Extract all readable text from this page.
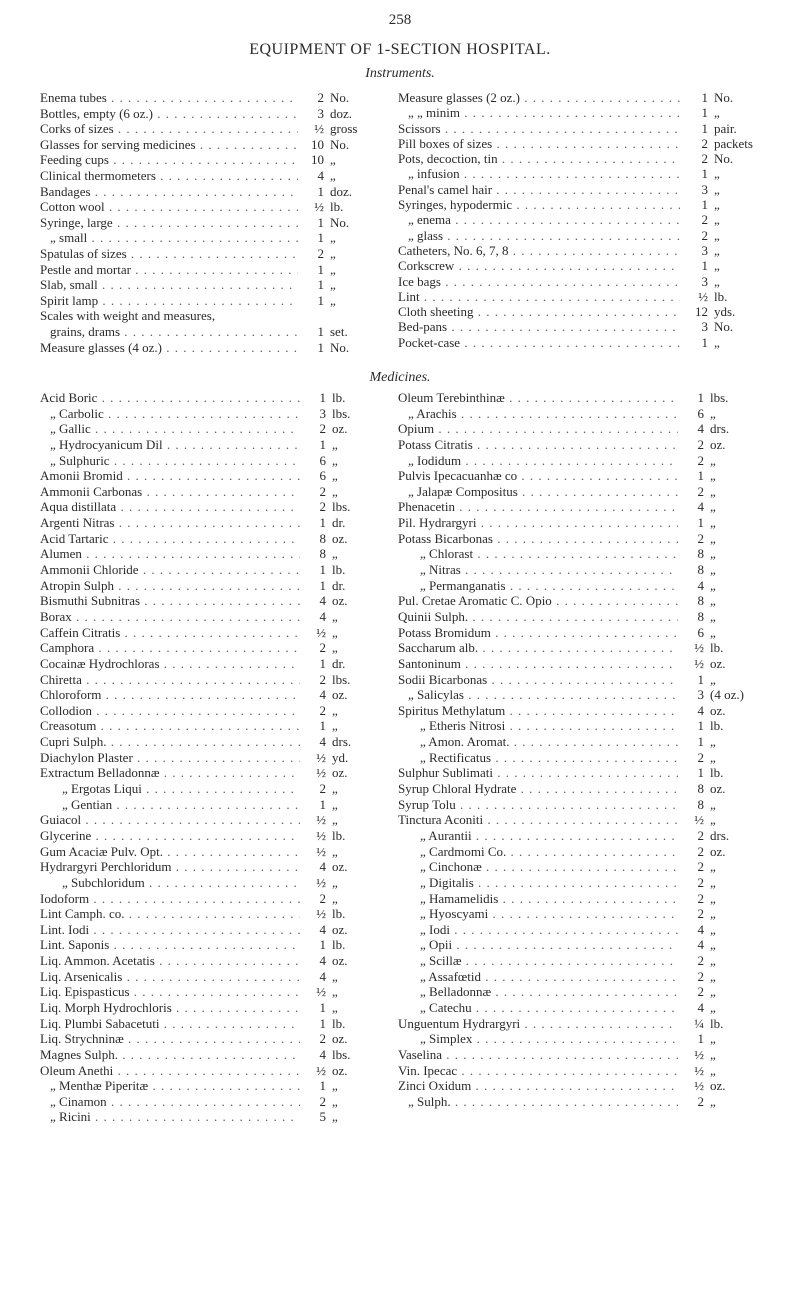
258
EQUIPMENT OF 1-SECTION HOSPITAL.
Instruments.
Enema tubes . . .	2 No.
Bottles, empty (6 oz.) . . .	3 doz.
Corks of sizes . . .	½ gross
Glasses for serving medicines . . .	10 No.
Feeding cups . . .	10 „
Clinical thermometers . . .	4 „
Bandages . . .	1 doz.
Cotton wool . . .	½ lb.
Syringe, large . . .	1 No.
„ small . . .	1 „
Spatulas of sizes . . .	2 „
Pestle and mortar . . .	1 „
Slab, small . . .	1 „
Spirit lamp . . .	1 „
Scales with weight and measures,
grains, drams . . .	1 set.
Measure glasses (4 oz.) . . .	1 No.
Measure glasses (2 oz.) . . .	1 No.
„ „ minim . . .	1 „
Scissors . . .	1 pair.
Pill boxes of sizes . . .	2 packets
Pots, decoction, tin . . .	2 No.
„ infusion . . .	1 „
Penal's camel hair . . .	3 „
Syringes, hypodermic . . .	1 „
„ enema . . .	2 „
„ glass . . .	2 „
Catheters, No. 6, 7, 8 . . .	3 „
Corkscrew . . .	1 „
Ice bags . . .	3 „
Lint . . .	½ lb.
Cloth sheeting . . .	12 yds.
Bed-pans . . .	3 No.
Pocket-case . . .	1 „
Medicines.
Acid Boric . . .	1 lb.
„ Carbolic . . .	3 lbs.
„ Gallic . . .	2 oz.
„ Hydrocyanicum Dil . . .	1 „
„ Sulphuric . . .	6 „
Amonii Bromid . . .	6 „
Ammonii Carbonas . . .	2 „
Aqua distillata . . .	2 lbs.
Argenti Nitras . . .	1 dr.
Acid Tartaric . . .	8 oz.
Alumen . . .	8 „
Ammonii Chloride . . .	1 lb.
Atropin Sulph . . .	1 dr.
Bismuthi Subnitras . . .	4 oz.
Borax . . .	4 „
Caffein Citratis . . .	½ „
Camphora . . .	2 „
Cocainæ Hydrochloras . . .	1 dr.
Chiretta . . .	2 lbs.
Chloroform . . .	4 oz.
Collodion . . .	2 „
Creasotum . . .	1 „
Cupri Sulph. . . .	4 drs.
Diachylon Plaster . . .	½ yd.
Extractum Belladonnæ . . .	½ oz.
„ Ergotas Liqui . . .	2 „
„ Gentian . . .	1 „
Guiacol . . .	½ „
Glycerine . . .	½ lb.
Gum Acaciæ Pulv. Opt. . . .	½ „
Hydrargyri Perchloridum . . .	4 oz.
„ Subchloridum . . .	½ „
Iodoform . . .	2 „
Lint Camph. co. . . .	½ lb.
Lint. Iodi . . .	4 oz.
Lint. Saponis . . .	1 lb.
Liq. Ammon. Acetatis . . .	4 oz.
Liq. Arsenicalis . . .	4 „
Liq. Epispasticus . . .	½ „
Liq. Morph Hydrochloris . . .	1 „
Liq. Plumbi Sabacetuti . . .	1 lb.
Liq. Strychninæ . . .	2 oz.
Magnes Sulph. . . .	4 lbs.
Oleum Anethi . . .	½ oz.
„ Menthæ Piperitæ . . .	1 „
„ Cinamon . . .	2 „
„ Ricini . . .	5 „
Oleum Terebinthinæ . . .	1 lbs.
„ Arachis . . .	6 „
Opium . . .	4 drs.
Potass Citratis . . .	2 oz.
„ Iodidum . . .	2 „
Pulvis Ipecacuanhæ co . . .	1 „
„ Jalapæ Compositus . . .	2 „
Phenacetin . . .	4 „
Pil. Hydrargyri . . .	1 „
Potass Bicarbonas . . .	2 „
„ Chlorast . . .	8 „
„ Nitras . . .	8 „
„ Permanganatis . . .	4 „
Pul. Cretae Aromatic C. Opio . . .	8 „
Quinii Sulph. . . .	8 „
Potass Bromidum . . .	6 „
Saccharum alb. . . .	½ lb.
Santoninum . . .	½ oz.
Sodii Bicarbonas . . .	1 „
„ Salicylas . . .	3 (4 oz.)
Spiritus Methylatum . . .	4 oz.
„ Etheris Nitrosi . . .	1 lb.
„ Amon. Aromat. . . .	1 „
„ Rectificatus . . .	2 „
Sulphur Sublimati . . .	1 lb.
Syrup Chloral Hydrate . . .	8 oz.
Syrup Tolu . . .	8 „
Tinctura Aconiti . . .	½ „
„ Aurantii . . .	2 drs.
„ Cardmomi Co. . . .	2 oz.
„ Cinchonæ . . .	2 „
„ Digitalis . . .	2 „
„ Hamamelidis . . .	2 „
„ Hyoscyami . . .	2 „
„ Iodi . . .	4 „
„ Opii . . .	4 „
„ Scillæ . . .	2 „
„ Assafœtid . . .	2 „
„ Belladonnæ . . .	2 „
„ Catechu . . .	4 „
Unguentum Hydrargyri . . .	¼ lb.
„ Simplex . . .	1 „
Vaselina . . .	½ „
Vin. Ipecac . . .	½ „
Zinci Oxidum . . .	½ oz.
„ Sulph. . . .	2 „
